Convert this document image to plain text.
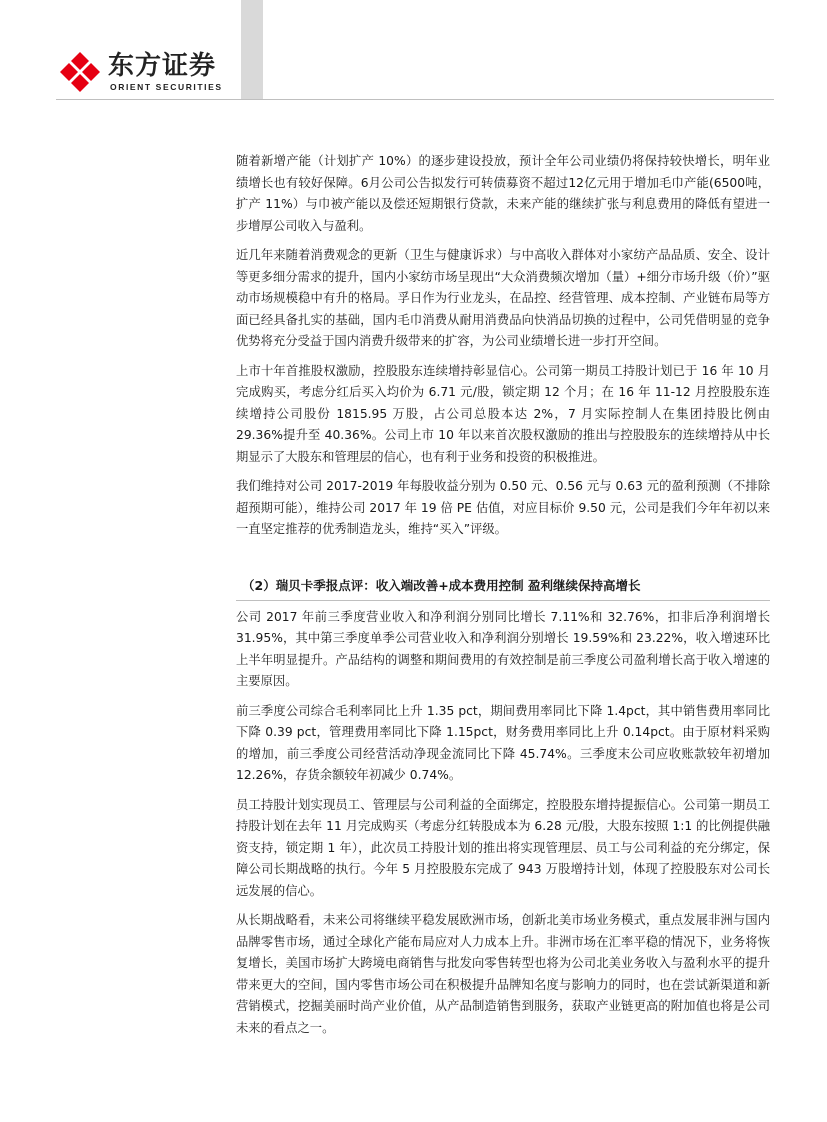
东方证券
ORIENT SECURITIES

随着新增产能（计划扩产 10%）的逐步建设投放，预计全年公司业绩仍将保持较快增长，明年业绩增长也有较好保障。6月公司公告拟发行可转债募资不超过12亿元用于增加毛巾产能(6500吨，扩产 11%）与巾被产能以及偿还短期银行贷款，未来产能的继续扩张与利息费用的降低有望进一步增厚公司收入与盈利。

近几年来随着消费观念的更新（卫生与健康诉求）与中高收入群体对小家纺产品品质、安全、设计等更多细分需求的提升，国内小家纺市场呈现出“大众消费频次增加（量）+细分市场升级（价）”驱动市场规模稳中有升的格局。孚日作为行业龙头，在品控、经营管理、成本控制、产业链布局等方面已经具备扎实的基础，国内毛巾消费从耐用消费品向快消品切换的过程中，公司凭借明显的竞争优势将充分受益于国内消费升级带来的扩容，为公司业绩增长进一步打开空间。

上市十年首推股权激励，控股股东连续增持彰显信心。公司第一期员工持股计划已于 16 年 10 月完成购买，考虑分红后买入均价为 6.71 元/股，锁定期 12 个月；在 16 年 11-12 月控股股东连续增持公司股份 1815.95 万股，占公司总股本达 2%，7 月实际控制人在集团持股比例由 29.36%提升至 40.36%。公司上市 10 年以来首次股权激励的推出与控股股东的连续增持从中长期显示了大股东和管理层的信心，也有利于业务和投资的积极推进。

我们维持对公司 2017-2019 年每股收益分别为 0.50 元、0.56 元与 0.63 元的盈利预测（不排除超预期可能），维持公司 2017 年 19 倍 PE 估值，对应目标价 9.50 元，公司是我们今年年初以来一直坚定推荐的优秀制造龙头，维持“买入”评级。

（2）瑞贝卡季报点评：收入端改善+成本费用控制 盈利继续保持高增长

公司 2017 年前三季度营业收入和净利润分别同比增长 7.11%和 32.76%，扣非后净利润增长 31.95%，其中第三季度单季公司营业收入和净利润分别增长 19.59%和 23.22%，收入增速环比上半年明显提升。产品结构的调整和期间费用的有效控制是前三季度公司盈利增长高于收入增速的主要原因。

前三季度公司综合毛利率同比上升 1.35 pct，期间费用率同比下降 1.4pct，其中销售费用率同比下降 0.39 pct，管理费用率同比下降 1.15pct，财务费用率同比上升 0.14pct。由于原材料采购的增加，前三季度公司经营活动净现金流同比下降 45.74%。三季度末公司应收账款较年初增加 12.26%，存货余额较年初减少 0.74%。

员工持股计划实现员工、管理层与公司利益的全面绑定，控股股东增持提振信心。公司第一期员工持股计划在去年 11 月完成购买（考虑分红转股成本为 6.28 元/股，大股东按照 1:1 的比例提供融资支持，锁定期 1 年），此次员工持股计划的推出将实现管理层、员工与公司利益的充分绑定，保障公司长期战略的执行。今年 5 月控股股东完成了 943 万股增持计划，体现了控股股东对公司长远发展的信心。

从长期战略看，未来公司将继续平稳发展欧洲市场，创新北美市场业务模式，重点发展非洲与国内品牌零售市场，通过全球化产能布局应对人力成本上升。非洲市场在汇率平稳的情况下，业务将恢复增长，美国市场扩大跨境电商销售与批发向零售转型也将为公司北美业务收入与盈利水平的提升带来更大的空间，国内零售市场公司在积极提升品牌知名度与影响力的同时，也在尝试新渠道和新营销模式，挖掘美丽时尚产业价值，从产品制造销售到服务，获取产业链更高的附加值也将是公司未来的看点之一。
